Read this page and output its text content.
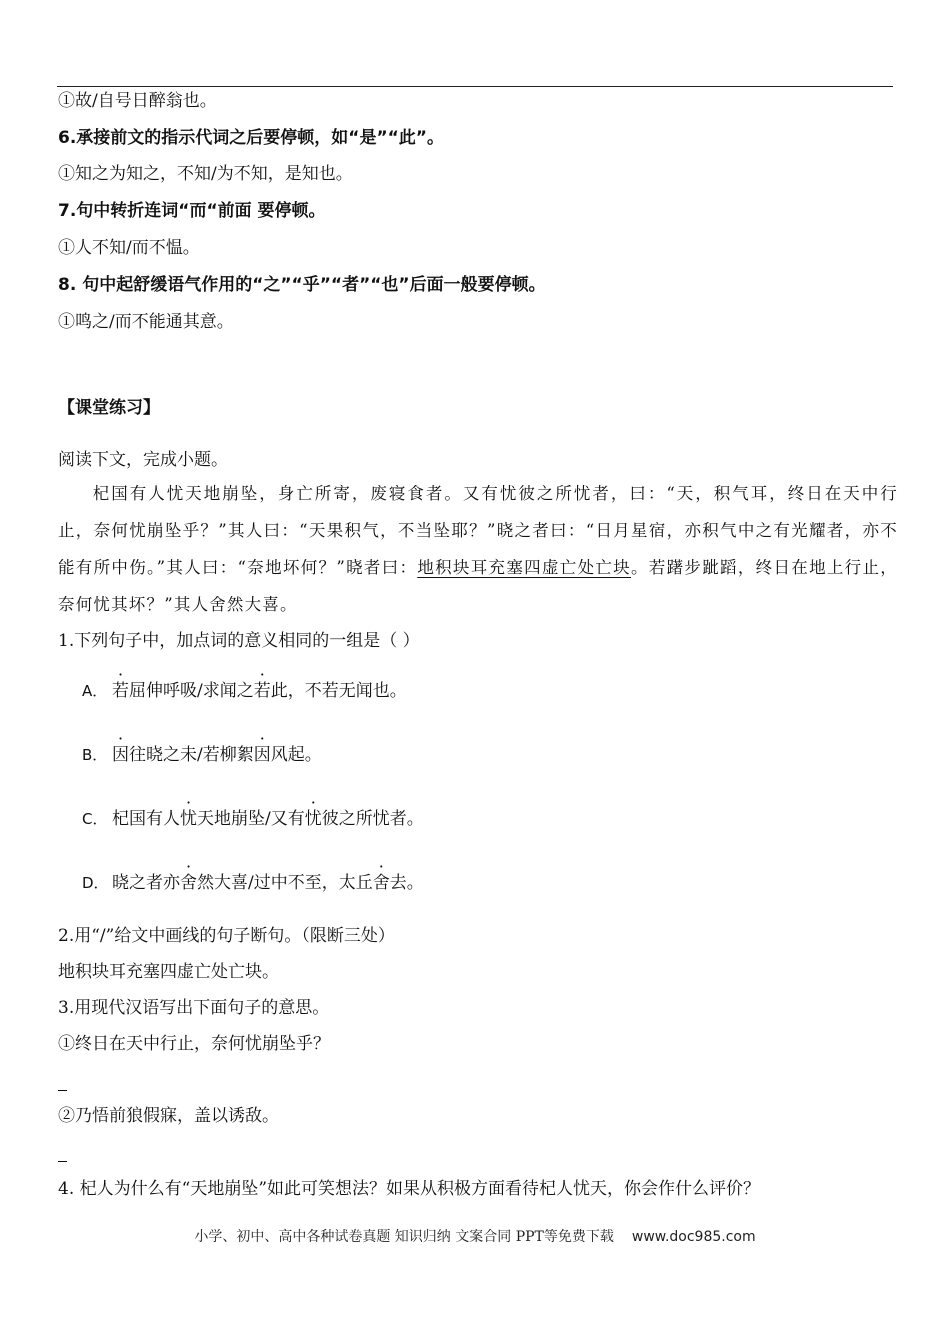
①故/自号日醉翁也。
6.承接前文的指示代词之后要停顿，如“是”“此”。
①知之为知之，不知/为不知，是知也。
7.句中转折连词“而“前面 要停顿。
①人不知/而不愠。
8. 句中起舒缓语气作用的“之”“乎”“者”“也”后面一般要停顿。
①鸣之/而不能通其意。
【课堂练习】
阅读下文，完成小题。
杞国有人忧天地崩坠，身亡所寄，废寝食者。又有忧彼之所忧者，曰：“天，积气耳，终日在天中行止，奈何忧崩坠乎？”其人曰：“天果积气，不当坠耶？”晓之者曰：“日月星宿，亦积气中之有光耀者，亦不能有所中伤。”其人曰：“奈地坏何？”晓者曰：地积块耳充塞四虚亡处亡块。若躇步跐蹈，终日在地上行止，奈何忧其坏？”其人舍然大喜。
1.下列句子中，加点词的意义相同的一组是（ ）
A． 若屈伸呼吸/求闻之若此，不若无闻也。
B． 因往晓之未/若柳絮因风起。
C． 杞国有人忧天地崩坠/又有忧彼之所忧者。
D． 晓之者亦舍然大喜/过中不至，太丘舍去。
2.用“/”给文中画线的句子断句。（限断三处）
地积块耳充塞四虚亡处亡块。
3.用现代汉语写出下面句子的意思。
①终日在天中行止，奈何忧崩坠乎？
②乃悟前狼假寐，盖以诱敌。
4. 杞人为什么有“天地崩坠”如此可笑想法？如果从积极方面看待杞人忧天，你会作什么评价？
小学、初中、高中各种试卷真题 知识归纳 文案合同 PPT等免费下载 www.doc985.com
